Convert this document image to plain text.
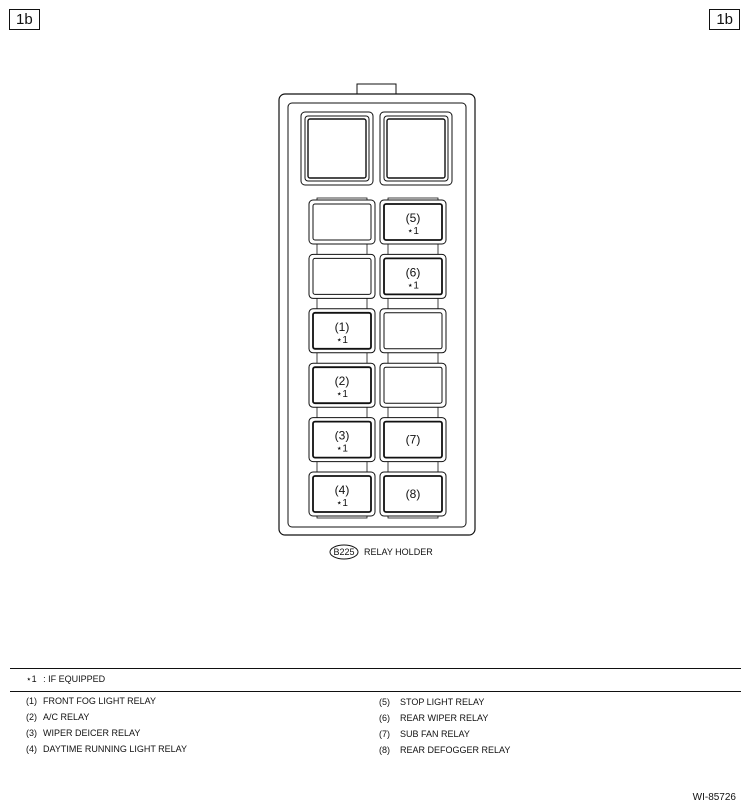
1b	1b
(1)
⋆1
(2)
⋆1
(3)
⋆1
(4)
⋆1
(5)
⋆1
(6)
⋆1
(7)
(8)
B225 RELAY HOLDER
⋆1 : IF EQUIPPED
(1) FRONT FOG LIGHT RELAY
(2) A/C RELAY
(3) WIPER DEICER RELAY
(4) DAYTIME RUNNING LIGHT RELAY
(5) STOP LIGHT RELAY
(6) REAR WIPER RELAY
(7) SUB FAN RELAY
(8) REAR DEFOGGER RELAY
WI-85726
